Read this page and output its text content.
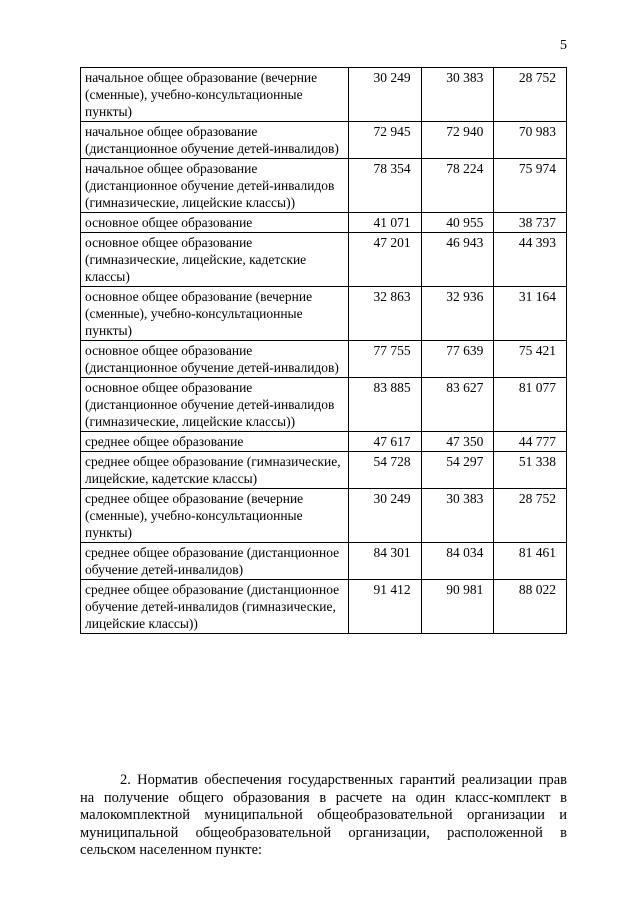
5
начальное общее образование (вечерние (сменные), учебно-консультационные пункты)	30 249	30 383	28 752
начальное общее образование (дистанционное обучение детей-инвалидов)	72 945	72 940	70 983
начальное общее образование (дистанционное обучение детей-инвалидов (гимназические, лицейские классы))	78 354	78 224	75 974
основное общее образование	41 071	40 955	38 737
основное общее образование (гимназические, лицейские, кадетские классы)	47 201	46 943	44 393
основное общее образование (вечерние (сменные), учебно-консультационные пункты)	32 863	32 936	31 164
основное общее образование (дистанционное обучение детей-инвалидов)	77 755	77 639	75 421
основное общее образование (дистанционное обучение детей-инвалидов (гимназические, лицейские классы))	83 885	83 627	81 077
среднее общее образование	47 617	47 350	44 777
среднее общее образование (гимназические, лицейские, кадетские классы)	54 728	54 297	51 338
среднее общее образование (вечерние (сменные), учебно-консультационные пункты)	30 249	30 383	28 752
среднее общее образование (дистанционное обучение детей-инвалидов)	84 301	84 034	81 461
среднее общее образование (дистанционное обучение детей-инвалидов (гимназические, лицейские классы))	91 412	90 981	88 022

2. Норматив обеспечения государственных гарантий реализации прав на получение общего образования в расчете на один класс-комплект в малокомплектной муниципальной общеобразовательной организации и муниципальной общеобразовательной организации, расположенной в сельском населенном пункте:
